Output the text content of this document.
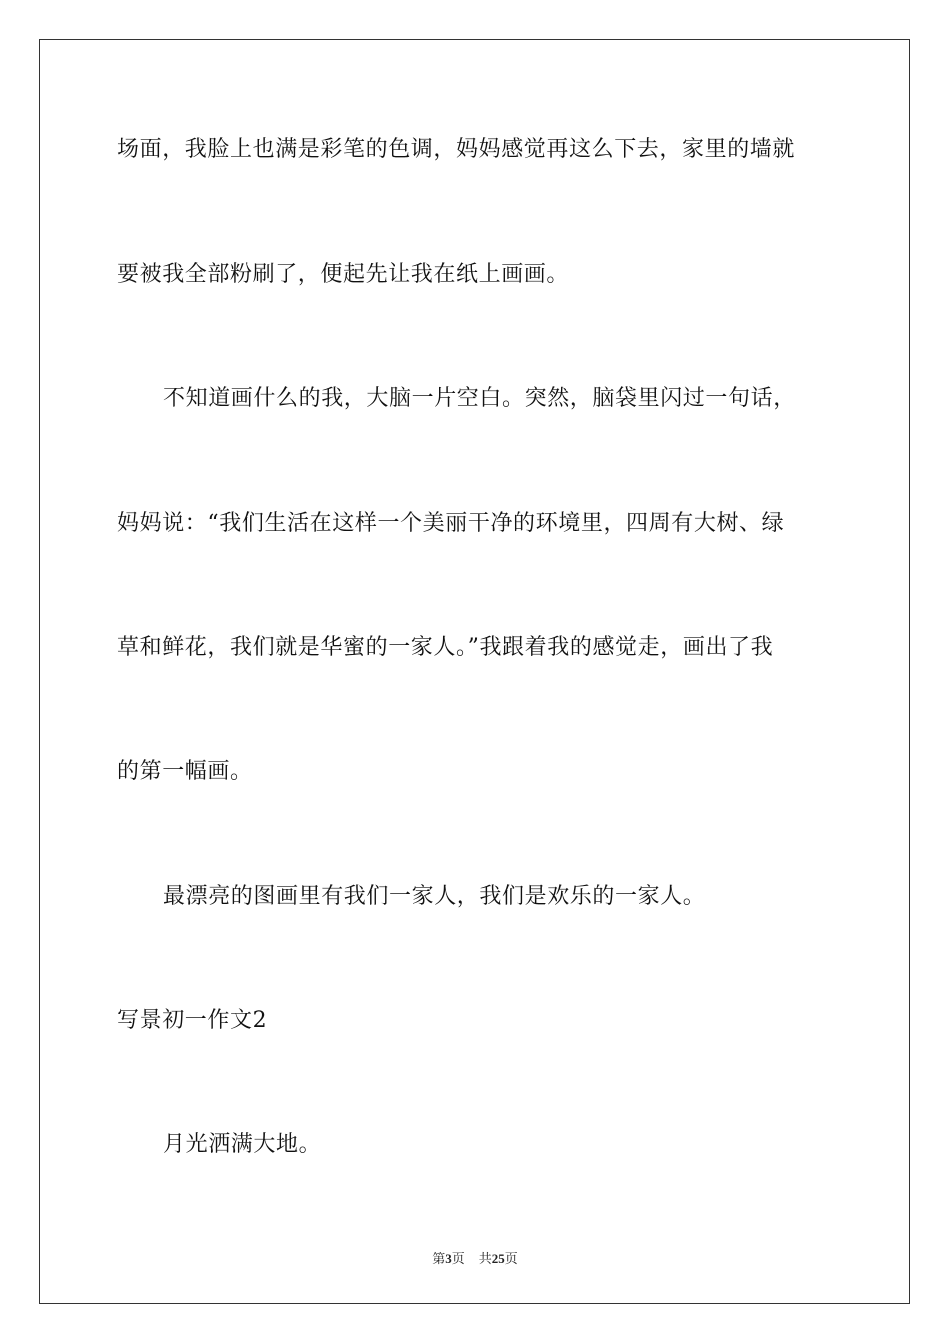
场面，我脸上也满是彩笔的色调，妈妈感觉再这么下去，家里的墙就
要被我全部粉刷了，便起先让我在纸上画画。
不知道画什么的我，大脑一片空白。突然，脑袋里闪过一句话，
妈妈说：“我们生活在这样一个美丽干净的环境里，四周有大树、绿
草和鲜花，我们就是华蜜的一家人。”我跟着我的感觉走，画出了我
的第一幅画。
最漂亮的图画里有我们一家人，我们是欢乐的一家人。
写景初一作文2
月光洒满大地。
第3页 共25页
